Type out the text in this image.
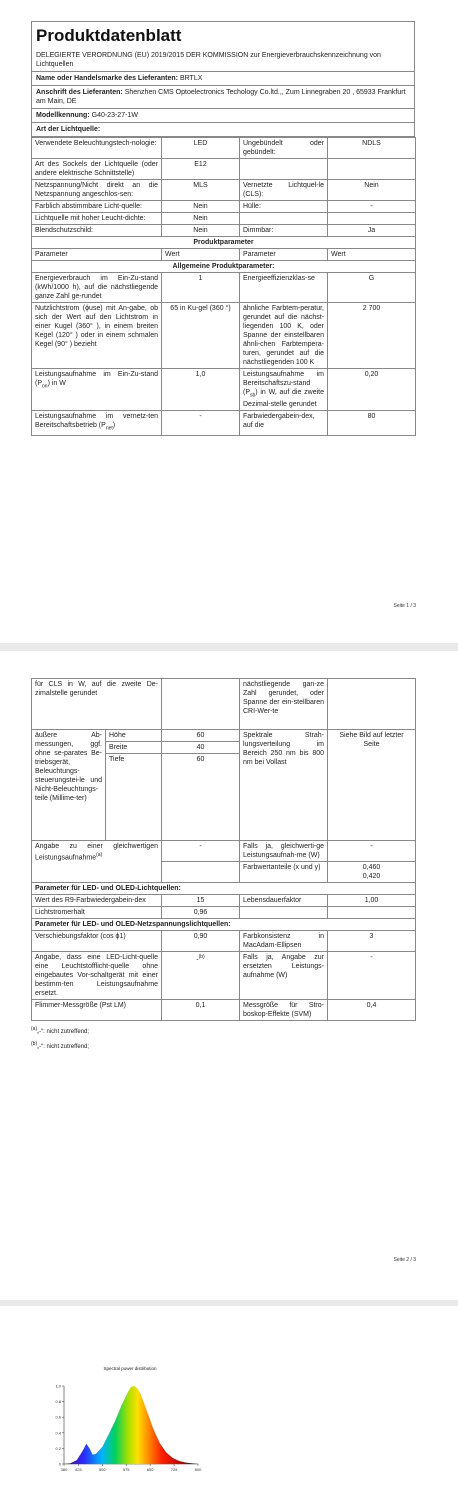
Produktdatenblatt
DELEGIERTE VERORDNUNG (EU) 2019/2015 DER KOMMISSION zur Energieverbrauchskennzeichnung von Lichtquellen
Name oder Handelsmarke des Lieferanten: BRTLX
Anschrift des Lieferanten: Shenzhen CMS Optoelectronics Techology Co.ltd.,, Zum Linnegraben 20 , 65933 Frankfurt am Main, DE
Modellkennung: G40-23-27-1W
Art der Lichtquelle:
Verwendete Beleuchtungstech-nologie:	LED	Ungebündelt oder gebündelt:	NDLS
Art des Sockels der Lichtquelle (oder andere elektrische Schnittstelle)	E12		
Netzspannung/Nicht direkt an die Netzspannung angeschlos-sen:	MLS	Vernetzte Lichtquel-le (CLS):	Nein
Farblich abstimmbare Licht-quelle:	Nein	Hülle:	-
Lichtquelle mit hoher Leucht-dichte:	Nein		
Blendschutzschild:	Nein	Dimmbar:	Ja
Produktparameter			
Parameter	Wert	Parameter	Wert
Allgemeine Produktparameter:			
Energieverbrauch im Ein-Zu-stand (kWh/1000 h), auf die nächstliegende ganze Zahl ge-rundet	1	Energieeffizienzklas-se	G
Nutzlichtstrom (ϕuse) mit An-gabe, ob sich der Wert auf den Lichtstrom in einer Kugel (360° ), in einem breiten Kegel (120° ) oder in einem schmalen Kegel (90° ) bezieht	65 in Ku-gel (360 °)	ähnliche Farbtem-peratur, gerundet auf die nächst-liegenden 100 K, oder Spanne der einstellbaren ähnli-chen Farbtempera-turen, gerundet auf die nächstliegenden 100 K	2 700
Leistungsaufnahme im Ein-Zu-stand $(P_{on})$ in W	1,0	Leistungsaufnahme im Bereitschaftszu-stand $(P_{sb})$ in W, auf die zweite Dezimal-stelle gerundet	0,20
Leistungsaufnahme im vernetz-ten Bereitschaftsbetrieb $(P_{net})$	-	Farbwiedergabein-dex, auf die	80
Seite 1 / 3
für CLS in W, auf die zweite De-zimalstelle gerundet			nächstliegende gan-ze Zahl gerundet, oder Spanne der ein-stellbaren CRI-Wer-te	
äußere Ab-messungen, ggf. ohne se-parates Be-triebsgerät, Beleuchtungs-steuerungstei-le und Nicht-Beleuchtungs-teile (Millime-ter)	Höhe	60	Spektrale Strah-lungsverteilung im Bereich 250 nm bis 800 nm bei Vollast	Siehe Bild auf letzter Seite
	Breite	40		
	Tiefe	60		
Angabe zu einer gleichwertigen Leistungsaufnahme$^{(a)}$		-	Falls ja, gleichwerti-ge Leistungsaufnah-me (W)	-
			Farbwertanteile (x und y)	0,460
0,420

Parameter für LED- und OLED-Lichtquellen:				
Wert des R9-Farbwiedergabein-dex		15	Lebensdauerfaktor	1,00
Lichtstromerhalt		0,96		
Parameter für LED- und OLED-Netzspannungslichtquellen:				
Verschiebungsfaktor (cos ϕ1)		0,90	Farbkonsistenz in MacAdam-Ellipsen	3
Angabe, dass eine LED-Licht-quelle eine Leuchtstofflicht-quelle ohne eingebautes Vor-schaltgerät mit einer bestimm-ten Leistungsaufnahme ersetzt.		-$^{(b)}$	Falls ja, Angabe zur ersetzten Leistungs-aufnahme (W)	-
Flimmer-Messgröße (Pst LM)		0,1	Messgröße für Stro-boskop-Effekte (SVM)	0,4
$^{(a)}$„-“: nicht zutreffend;
$^{(b)}$„-“: nicht zutreffend;
Seite 2 / 3
Spectral power distribution
0
0.2
0.4
0.6
0.8
1.0
380 425	500	575	650	725	800
